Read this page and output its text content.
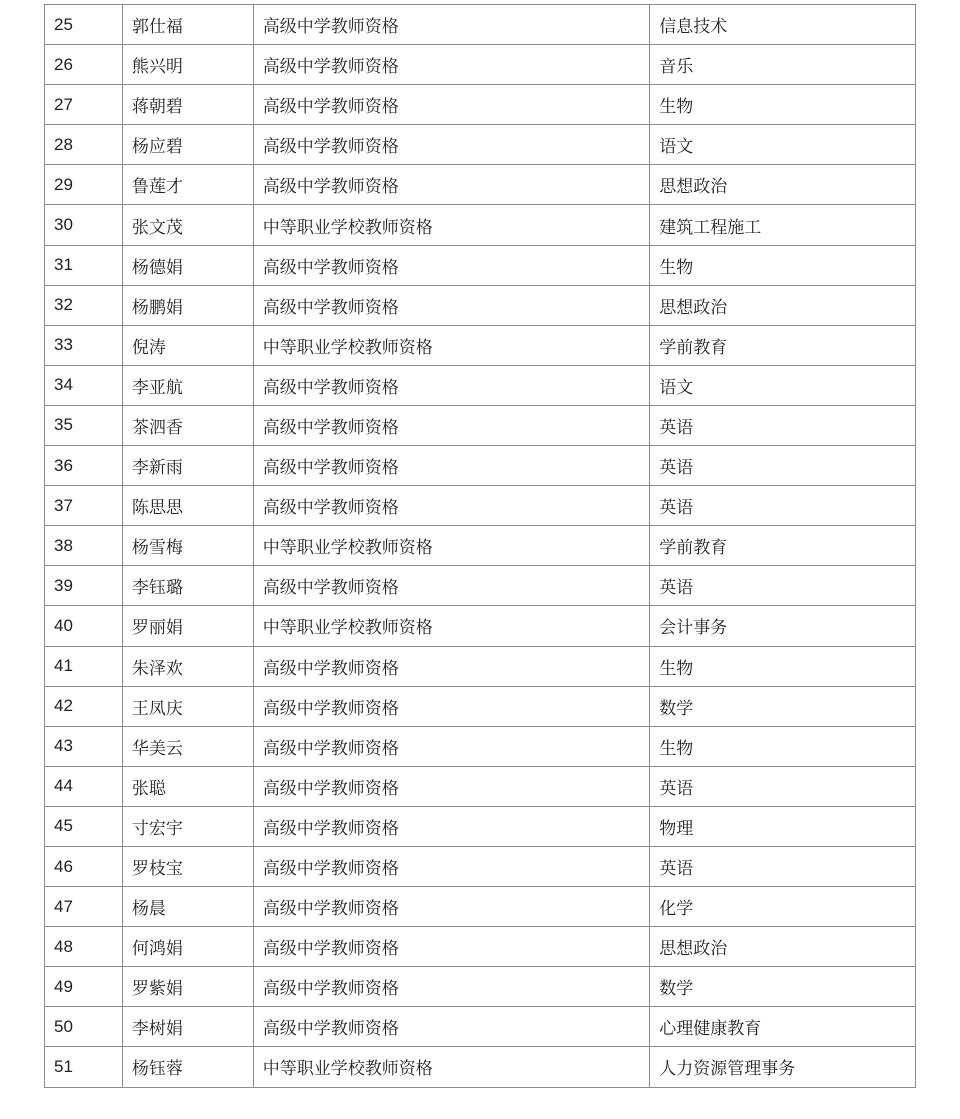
25	郭仕福	高级中学教师资格	信息技术
26	熊兴明	高级中学教师资格	音乐
27	蒋朝碧	高级中学教师资格	生物
28	杨应碧	高级中学教师资格	语文
29	鲁莲才	高级中学教师资格	思想政治
30	张文茂	中等职业学校教师资格	建筑工程施工
31	杨德娟	高级中学教师资格	生物
32	杨鹏娟	高级中学教师资格	思想政治
33	倪涛	中等职业学校教师资格	学前教育
34	李亚航	高级中学教师资格	语文
35	茶泗香	高级中学教师资格	英语
36	李新雨	高级中学教师资格	英语
37	陈思思	高级中学教师资格	英语
38	杨雪梅	中等职业学校教师资格	学前教育
39	李钰璐	高级中学教师资格	英语
40	罗丽娟	中等职业学校教师资格	会计事务
41	朱泽欢	高级中学教师资格	生物
42	王凤庆	高级中学教师资格	数学
43	华美云	高级中学教师资格	生物
44	张聪	高级中学教师资格	英语
45	寸宏宇	高级中学教师资格	物理
46	罗枝宝	高级中学教师资格	英语
47	杨晨	高级中学教师资格	化学
48	何鸿娟	高级中学教师资格	思想政治
49	罗紫娟	高级中学教师资格	数学
50	李树娟	高级中学教师资格	心理健康教育
51	杨钰蓉	中等职业学校教师资格	人力资源管理事务
